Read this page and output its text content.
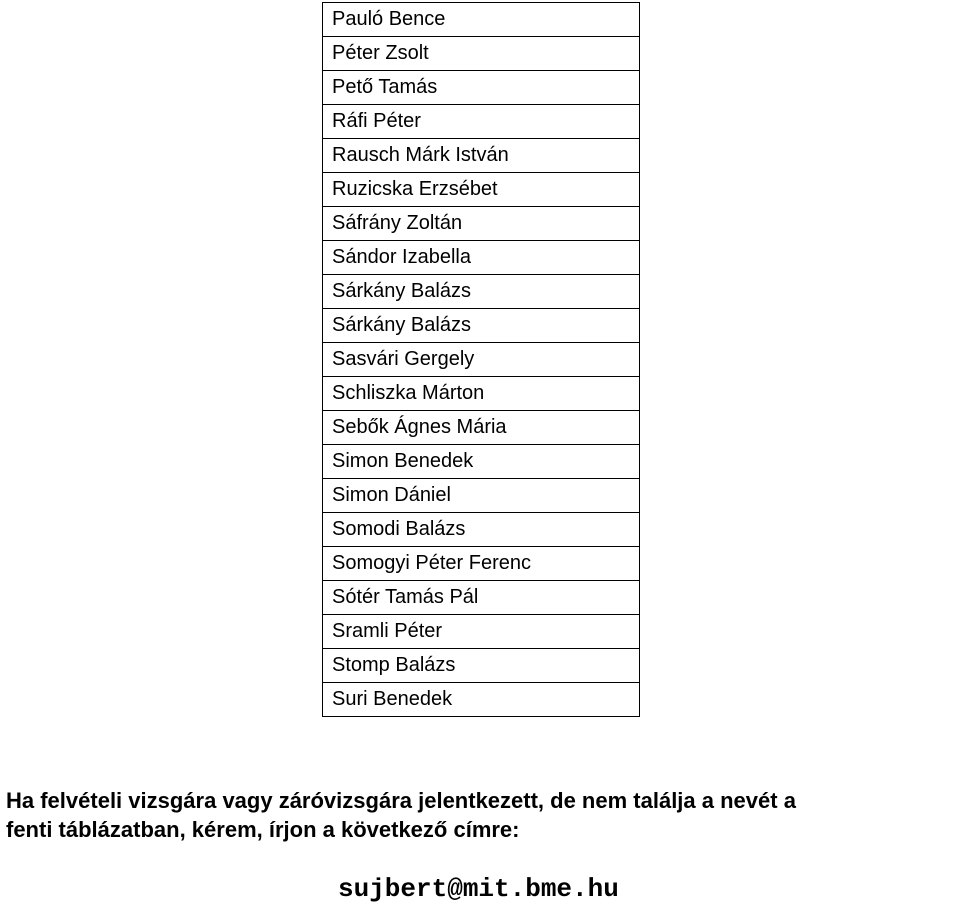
Pauló Bence
Péter Zsolt
Pető Tamás
Ráfi Péter
Rausch Márk István
Ruzicska Erzsébet
Sáfrány Zoltán
Sándor Izabella
Sárkány Balázs
Sárkány Balázs
Sasvári Gergely
Schliszka Márton
Sebők Ágnes Mária
Simon Benedek
Simon Dániel
Somodi Balázs
Somogyi Péter Ferenc
Sótér Tamás Pál
Sramli Péter
Stomp Balázs
Suri Benedek
Ha felvételi vizsgára vagy záróvizsgára jelentkezett, de nem találja a nevét a
fenti táblázatban, kérem, írjon a következő címre:
sujbert@mit.bme.hu
